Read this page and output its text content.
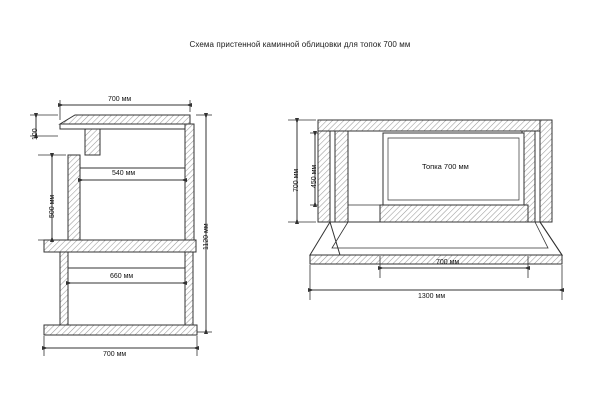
Схема пристенной каминной облицовки для топок 700 мм
700 мм
100
500 мм
540 мм
1120 мм
660 мм
700 мм
700 мм 450 мм	Топка 700 мм
700 мм
1300 мм
